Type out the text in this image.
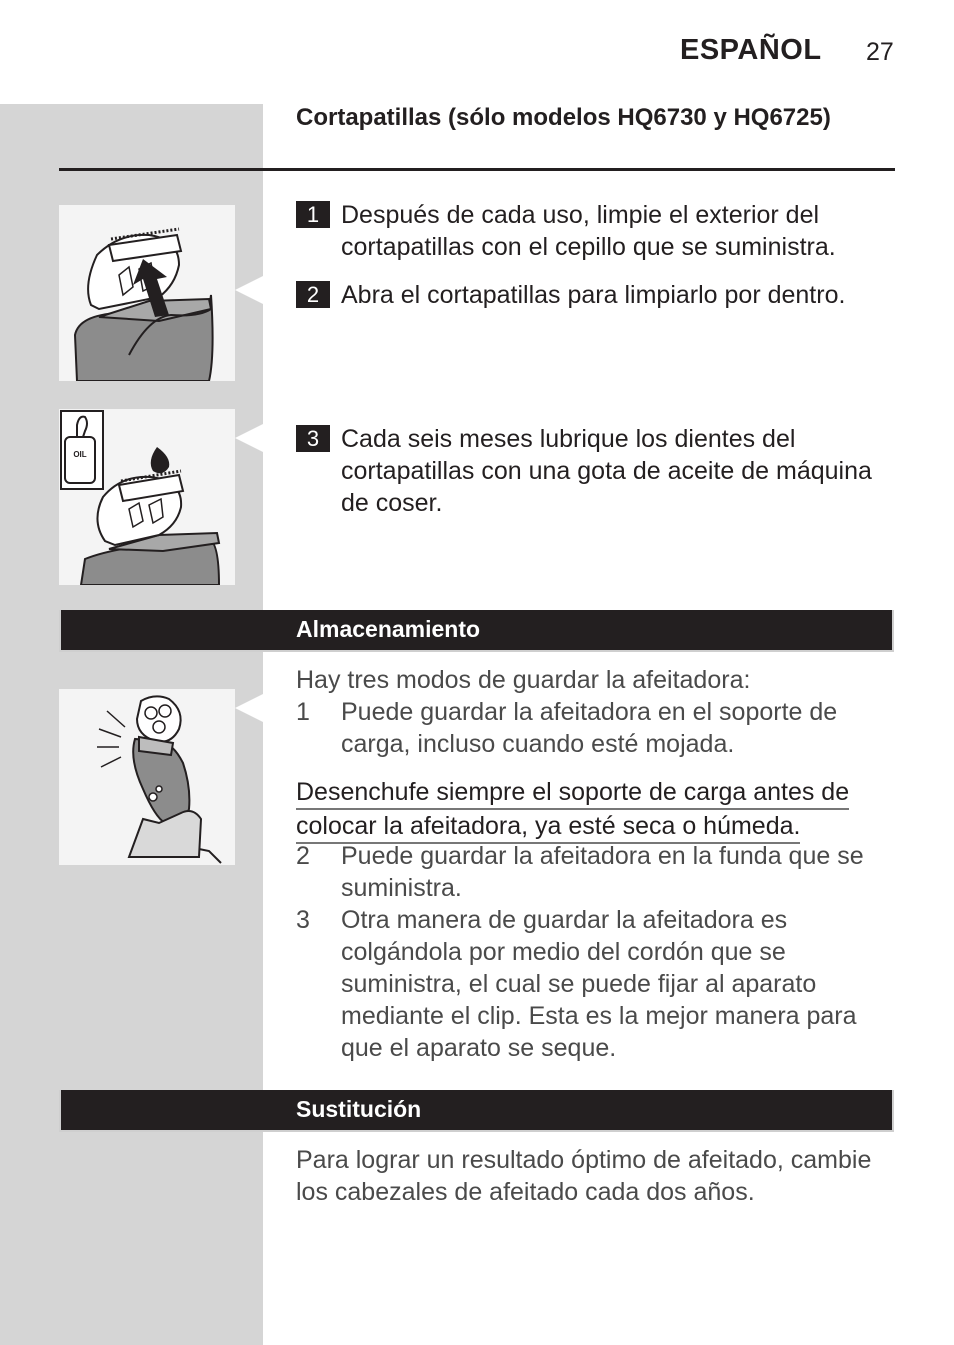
ESPAÑOL 27
Cortapatillas (sólo modelos HQ6730 y HQ6725)
1 Después de cada uso, limpie el exterior del cortapatillas con el cepillo que se suministra.
2 Abra el cortapatillas para limpiarlo por dentro.
OIL
3 Cada seis meses lubrique los dientes del cortapatillas con una gota de aceite de máquina de coser.
Almacenamiento
Hay tres modos de guardar la afeitadora:
1 Puede guardar la afeitadora en el soporte de carga, incluso cuando esté mojada.
Desenchufe siempre el soporte de carga antes de
colocar la afeitadora, ya esté seca o húmeda.
2 Puede guardar la afeitadora en la funda que se suministra.
3 Otra manera de guardar la afeitadora es colgándola por medio del cordón que se suministra, el cual se puede fijar al aparato mediante el clip. Esta es la mejor manera para que el aparato se seque.
Sustitución
Para lograr un resultado óptimo de afeitado, cambie los cabezales de afeitado cada dos años.
